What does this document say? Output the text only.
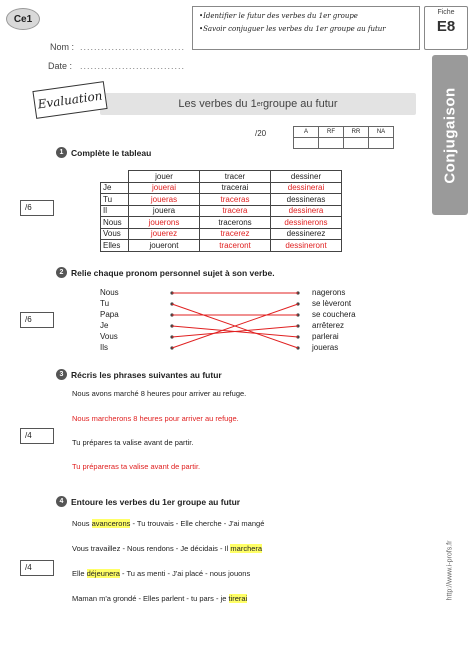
Ce1
Nom : ..............................
Date : ..............................
• Identifier le futur des verbes du 1er groupe
• Savoir conjuguer les verbes du 1er groupe au futur
Fiche
E8
Conjugaison
Les verbes du 1 er groupe au futur
Evaluation
/20	A	RF	RR	NA

1 Complète le tableau
/6
	jouer	tracer	dessiner
Je	jouerai	tracerai	dessinerai
Tu	joueras	traceras	dessineras
Il	jouera	tracera	dessinera
Nous	jouerons	tracerons	dessinerons
Vous	jouerez	tracerez	dessinerez
Elles	joueront	traceront	dessineront
2 Relie chaque pronom personnel sujet à son verbe.
/6
Nous
Tu
Papa
Je
Vous
Ils
nagerons
se lèveront
se couchera
arrêterez
parlerai
joueras
3 Récris les phrases suivantes au futur
/4
Nous avons marché 8 heures pour arriver au refuge.
Nous marcherons 8 heures pour arriver au refuge.
Tu prépares ta valise avant de partir.
Tu prépareras ta valise avant de partir.
4 Entoure les verbes du 1er groupe au futur
/4
Nous avancerons - Tu trouvais - Elle cherche - J'ai mangé
Vous travaillez - Nous rendons - Je décidais - Il marchera
Elle déjeunera - Tu as menti - J'ai placé - nous jouons
Maman m'a grondé - Elles parlent - tu pars - je tirerai	http://www.i-profs.fr
